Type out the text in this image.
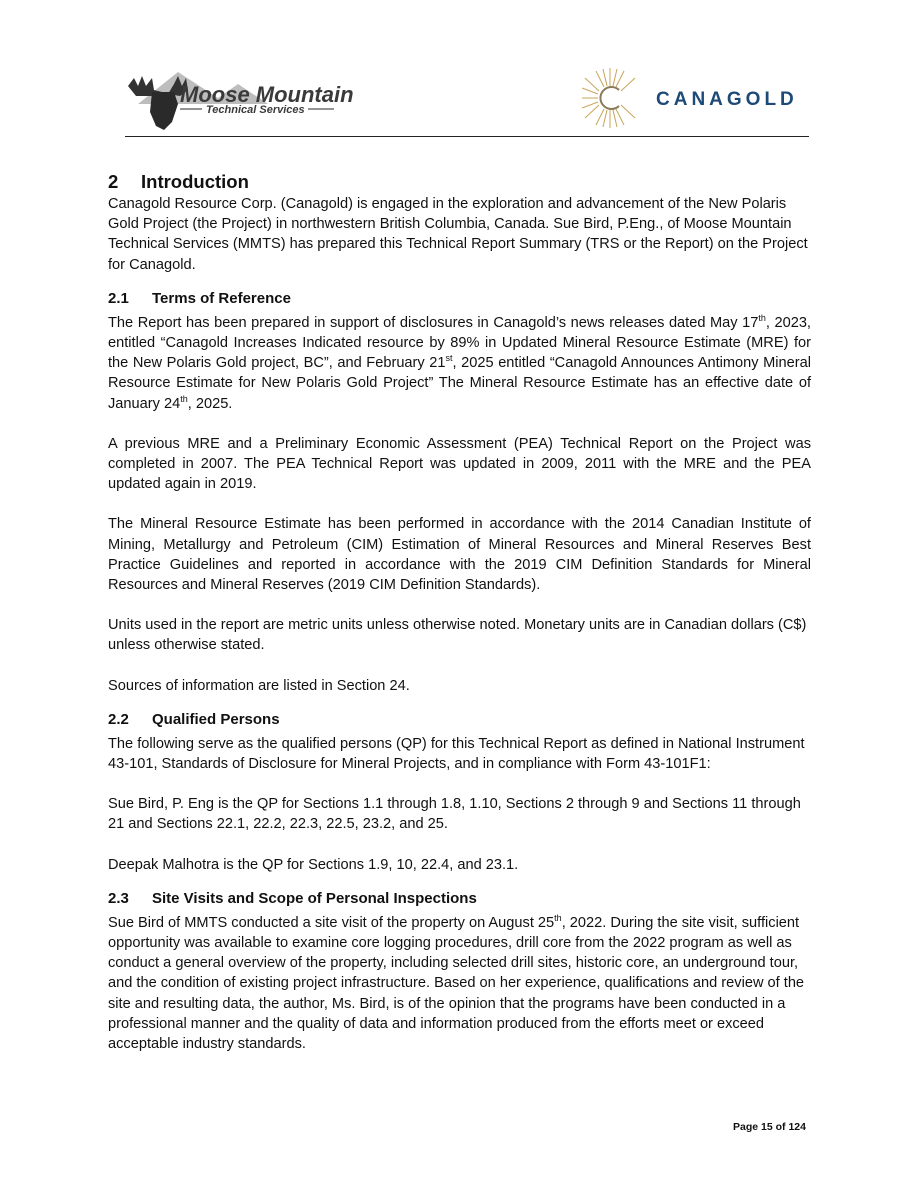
Moose Mountain
Technical Services	CANAGOLD
2 Introduction

Canagold Resource Corp. (Canagold) is engaged in the exploration and advancement of the New Polaris Gold Project (the Project) in northwestern British Columbia, Canada. Sue Bird, P.Eng., of Moose Mountain Technical Services (MMTS) has prepared this Technical Report Summary (TRS or the Report) on the Project for Canagold.

2.1 Terms of Reference

The Report has been prepared in support of disclosures in Canagold’s news releases dated May 17th, 2023, entitled “Canagold Increases Indicated resource by 89% in Updated Mineral Resource Estimate (MRE) for the New Polaris Gold project, BC”, and February 21st, 2025 entitled “Canagold Announces Antimony Mineral Resource Estimate for New Polaris Gold Project” The Mineral Resource Estimate has an effective date of January 24th, 2025.

A previous MRE and a Preliminary Economic Assessment (PEA) Technical Report on the Project was completed in 2007. The PEA Technical Report was updated in 2009, 2011 with the MRE and the PEA updated again in 2019.

The Mineral Resource Estimate has been performed in accordance with the 2014 Canadian Institute of Mining, Metallurgy and Petroleum (CIM) Estimation of Mineral Resources and Mineral Reserves Best Practice Guidelines and reported in accordance with the 2019 CIM Definition Standards for Mineral Resources and Mineral Reserves (2019 CIM Definition Standards).

Units used in the report are metric units unless otherwise noted. Monetary units are in Canadian dollars (C$) unless otherwise stated.

Sources of information are listed in Section 24.

2.2 Qualified Persons

The following serve as the qualified persons (QP) for this Technical Report as defined in National Instrument 43-101, Standards of Disclosure for Mineral Projects, and in compliance with Form 43-101F1:

Sue Bird, P. Eng is the QP for Sections 1.1 through 1.8, 1.10, Sections 2 through 9 and Sections 11 through 21 and Sections 22.1, 22.2, 22.3, 22.5, 23.2, and 25.

Deepak Malhotra is the QP for Sections 1.9, 10, 22.4, and 23.1.

2.3 Site Visits and Scope of Personal Inspections

Sue Bird of MMTS conducted a site visit of the property on August 25th, 2022. During the site visit, sufficient opportunity was available to examine core logging procedures, drill core from the 2022 program as well as conduct a general overview of the property, including selected drill sites, historic core, an underground tour, and the condition of existing project infrastructure. Based on her experience, qualifications and review of the site and resulting data, the author, Ms. Bird, is of the opinion that the programs have been conducted in a professional manner and the quality of data and information produced from the efforts meet or exceed acceptable industry standards.

Page 15 of 124
